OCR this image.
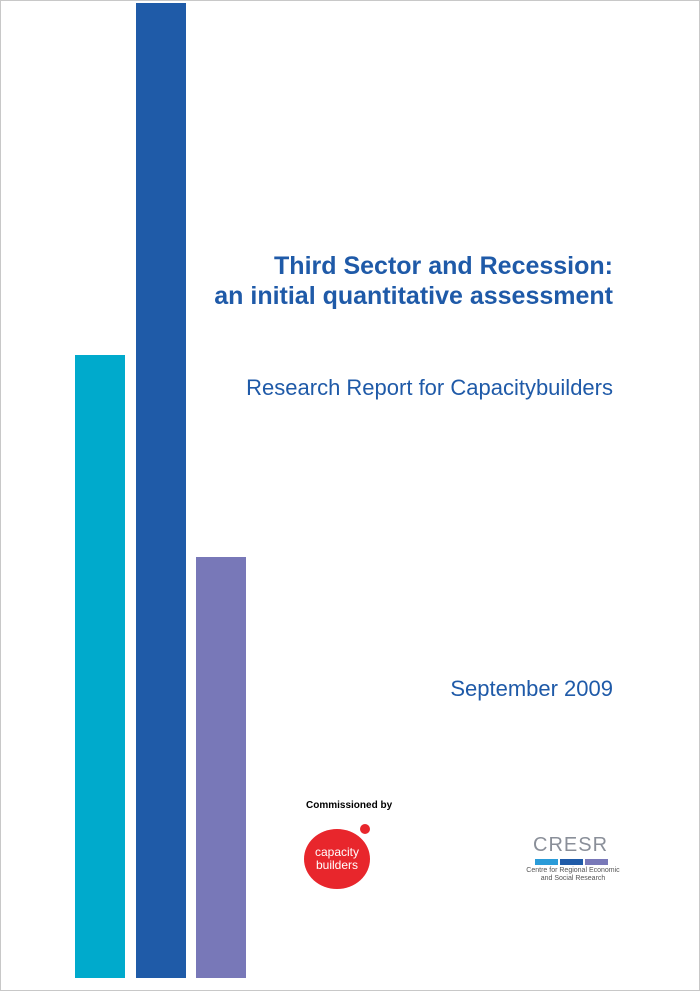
Third Sector and Recession:
an initial quantitative assessment

Research Report for Capacitybuilders

September 2009

Commissioned by
capacity
builders
CRESR
Centre for Regional Economic
and Social Research
